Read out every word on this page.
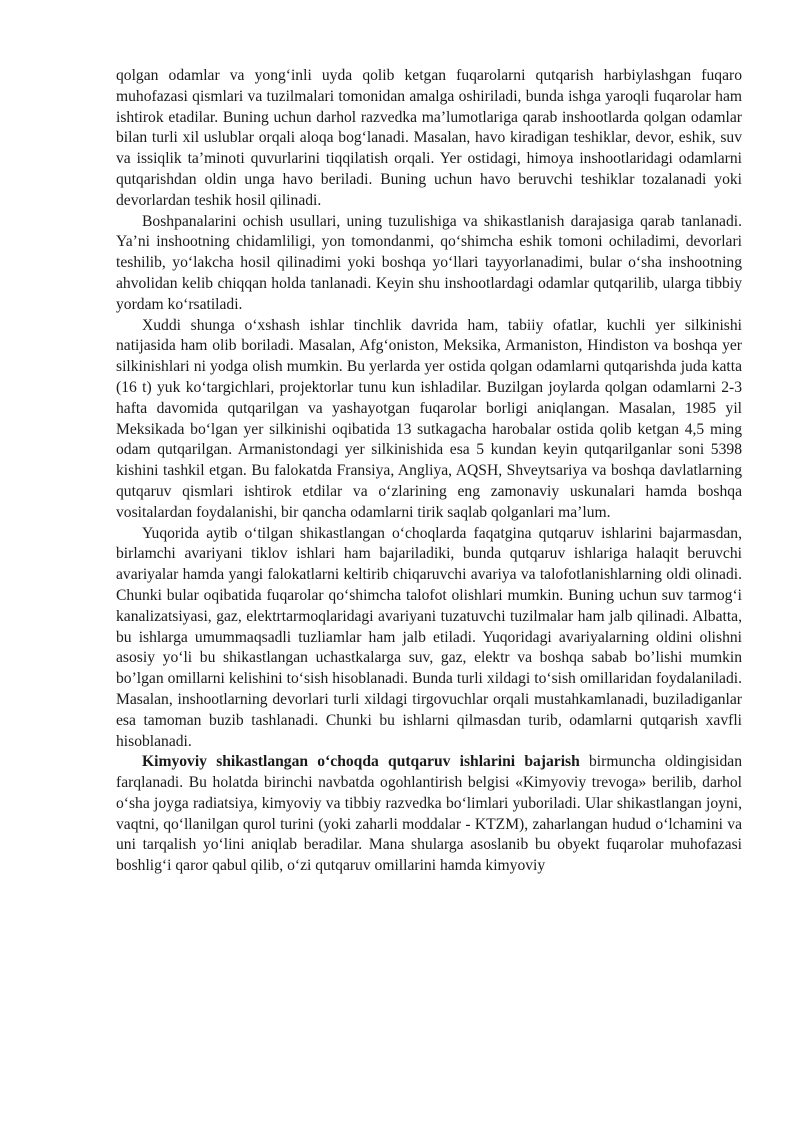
qolgan odamlar va yong‘inli uyda qolib ketgan fuqarolarni qutqarish harbiylashgan fuqaro muhofazasi qismlari va tuzilmalari tomonidan amalga oshiriladi, bunda ishga yaroqli fuqarolar ham ishtirok etadilar. Buning uchun darhol razvedka ma’lumotlariga qarab inshootlarda qolgan odamlar bilan turli xil uslublar orqali aloqa bog‘lanadi. Masalan, havo kiradigan teshiklar, devor, eshik, suv va issiqlik ta’minoti quvurlarini tiqqilatish orqali. Yer ostidagi, himoya inshootlaridagi odamlarni qutqarishdan oldin unga havo beriladi. Buning uchun havo beruvchi teshiklar tozalanadi yoki devorlardan teshik hosil qilinadi.

Boshpanalarini ochish usullari, uning tuzulishiga va shikastlanish darajasiga qarab tanlanadi. Ya’ni inshootning chidamliligi, yon tomondanmi, qo‘shimcha eshik tomoni ochiladimi, devorlari teshilib, yo‘lakcha hosil qilinadimi yoki boshqa yo‘llari tayyorlanadimi, bular o‘sha inshootning ahvolidan kelib chiqqan holda tanlanadi. Keyin shu inshootlardagi odamlar qutqarilib, ularga tibbiy yordam ko‘rsatiladi.

Xuddi shunga o‘xshash ishlar tinchlik davrida ham, tabiiy ofatlar, kuchli yer silkinishi natijasida ham olib boriladi. Masalan, Afg‘oniston, Meksika, Armaniston, Hindiston va boshqa yer silkinishlari ni yodga olish mumkin. Bu yerlarda yer ostida qolgan odamlarni qutqarishda juda katta (16 t) yuk ko‘targichlari, projektorlar tunu kun ishladilar. Buzilgan joylarda qolgan odamlarni 2-3 hafta davomida qutqarilgan va yashayotgan fuqarolar borligi aniqlangan. Masalan, 1985 yil Meksikada bo‘lgan yer silkinishi oqibatida 13 sutkagacha harobalar ostida qolib ketgan 4,5 ming odam qutqarilgan. Armanistondagi yer silkinishida esa 5 kundan keyin qutqarilganlar soni 5398 kishini tashkil etgan. Bu falokatda Fransiya, Angliya, AQSH, Shveytsariya va boshqa davlatlarning qutqaruv qismlari ishtirok etdilar va o‘zlarining eng zamonaviy uskunalari hamda boshqa vositalardan foydalanishi, bir qancha odamlarni tirik saqlab qolganlari ma’lum.

Yuqorida aytib o‘tilgan shikastlangan o‘choqlarda faqatgina qutqaruv ishlarini bajarmasdan, birlamchi avariyani tiklov ishlari ham bajariladiki, bunda qutqaruv ishlariga halaqit beruvchi avariyalar hamda yangi falokatlarni keltirib chiqaruvchi avariya va talofotlanishlarning oldi olinadi. Chunki bular oqibatida fuqarolar qo‘shimcha talofot olishlari mumkin. Buning uchun suv tarmog‘i kanalizatsiyasi, gaz, elektrtarmoqlaridagi avariyani tuzatuvchi tuzilmalar ham jalb qilinadi. Albatta, bu ishlarga umummaqsadli tuzliamlar ham jalb etiladi. Yuqoridagi avariyalarning oldini olishni asosiy yo‘li bu shikastlangan uchastkalarga suv, gaz, elektr va boshqa sabab bo’lishi mumkin bo’lgan omillarni kelishini to‘sish hisoblanadi. Bunda turli xildagi to‘sish omillaridan foydalaniladi. Masalan, inshootlarning devorlari turli xildagi tirgovuchlar orqali mustahkamlanadi, buziladiganlar esa tamoman buzib tashlanadi. Chunki bu ishlarni qilmasdan turib, odamlarni qutqarish xavfli hisoblanadi.

Kimyoviy shikastlangan o‘choqda qutqaruv ishlarini bajarish birmuncha oldingisidan farqlanadi. Bu holatda birinchi navbatda ogohlantirish belgisi «Kimyoviy trevoga» berilib, darhol o‘sha joyga radiatsiya, kimyoviy va tibbiy razvedka bo‘limlari yuboriladi. Ular shikastlangan joyni, vaqtni, qo‘llanilgan qurol turini (yoki zaharli moddalar - KTZM), zaharlangan hudud o‘lchamini va uni tarqalish yo‘lini aniqlab beradilar. Mana shularga asoslanib bu obyekt fuqarolar muhofazasi boshlig‘i qaror qabul qilib, o‘zi qutqaruv omillarini hamda kimyoviy
